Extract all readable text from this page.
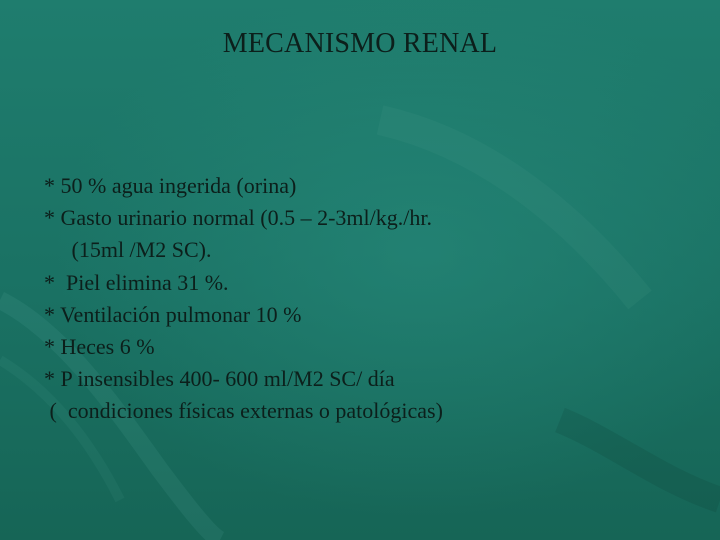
MECANISMO RENAL
* 50 % agua ingerida (orina)
* Gasto urinario normal (0.5 – 2-3ml/kg./hr.
(15ml /M2 SC).
*  Piel elimina 31 %.
* Ventilación pulmonar 10 %
* Heces 6 %
* P insensibles 400- 600 ml/M2 SC/ día
(  condiciones físicas externas o patológicas)
